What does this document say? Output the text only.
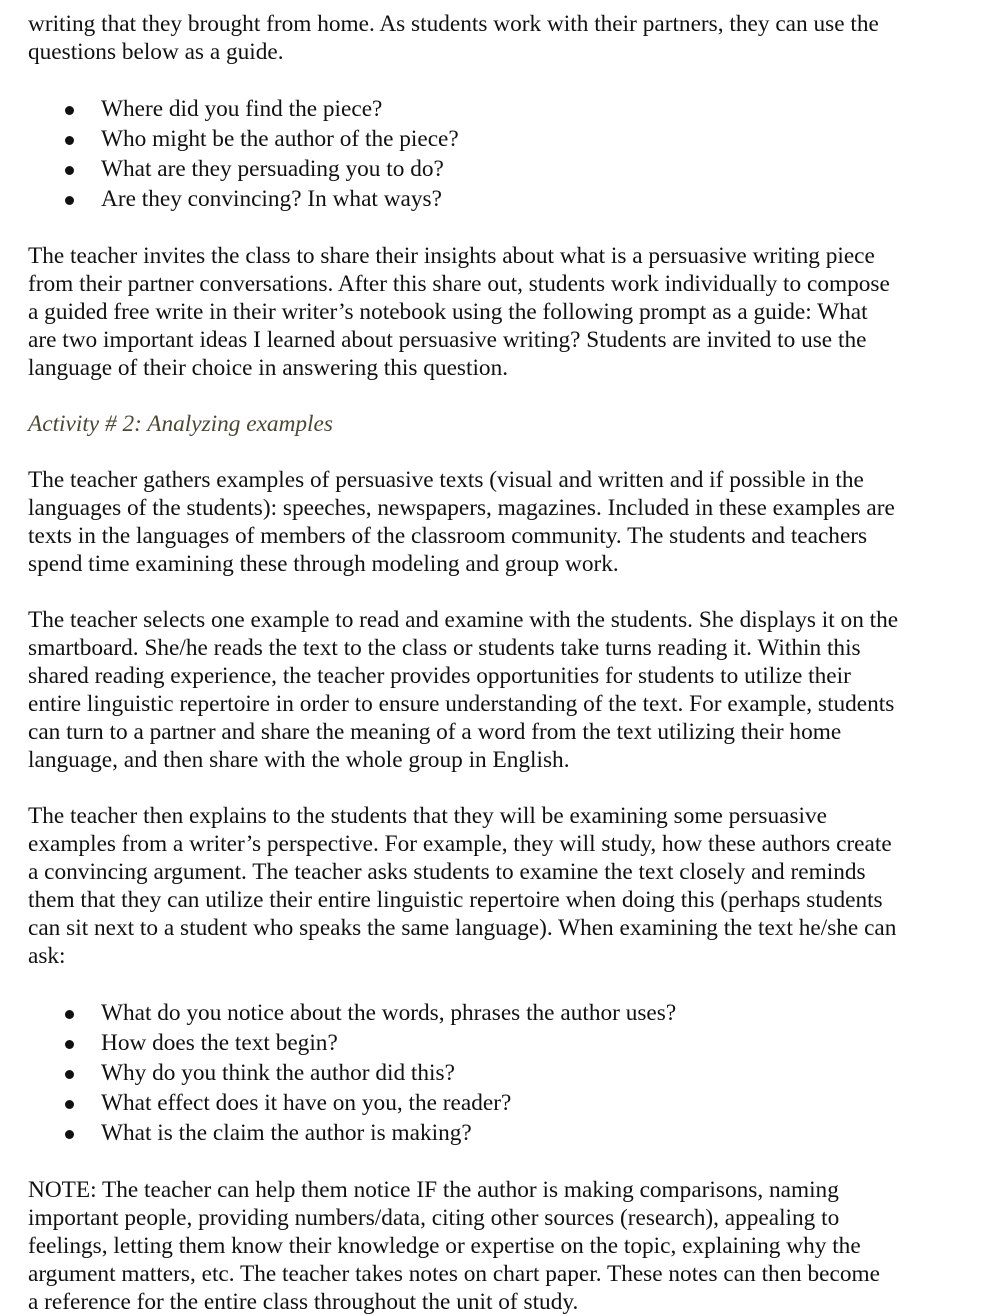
writing that they brought from home. As students work with their partners, they can use the
questions below as a guide.

Where did you find the piece?
Who might be the author of the piece?
What are they persuading you to do?
Are they convincing? In what ways?

The teacher invites the class to share their insights about what is a persuasive writing piece
from their partner conversations. After this share out, students work individually to compose
a guided free write in their writer’s notebook using the following prompt as a guide: What
are two important ideas I learned about persuasive writing? Students are invited to use the
language of their choice in answering this question.

Activity # 2: Analyzing examples

The teacher gathers examples of persuasive texts (visual and written and if possible in the
languages of the students): speeches, newspapers, magazines. Included in these examples are
texts in the languages of members of the classroom community. The students and teachers
spend time examining these through modeling and group work.

The teacher selects one example to read and examine with the students. She displays it on the
smartboard. She/he reads the text to the class or students take turns reading it. Within this
shared reading experience, the teacher provides opportunities for students to utilize their
entire linguistic repertoire in order to ensure understanding of the text. For example, students
can turn to a partner and share the meaning of a word from the text utilizing their home
language, and then share with the whole group in English.

The teacher then explains to the students that they will be examining some persuasive
examples from a writer’s perspective. For example, they will study, how these authors create
a convincing argument. The teacher asks students to examine the text closely and reminds
them that they can utilize their entire linguistic repertoire when doing this (perhaps students
can sit next to a student who speaks the same language). When examining the text he/she can
ask:

What do you notice about the words, phrases the author uses?
How does the text begin?
Why do you think the author did this?
What effect does it have on you, the reader?
What is the claim the author is making?

NOTE: The teacher can help them notice IF the author is making comparisons, naming
important people, providing numbers/data, citing other sources (research), appealing to
feelings, letting them know their knowledge or expertise on the topic, explaining why the
argument matters, etc. The teacher takes notes on chart paper. These notes can then become
a reference for the entire class throughout the unit of study.
